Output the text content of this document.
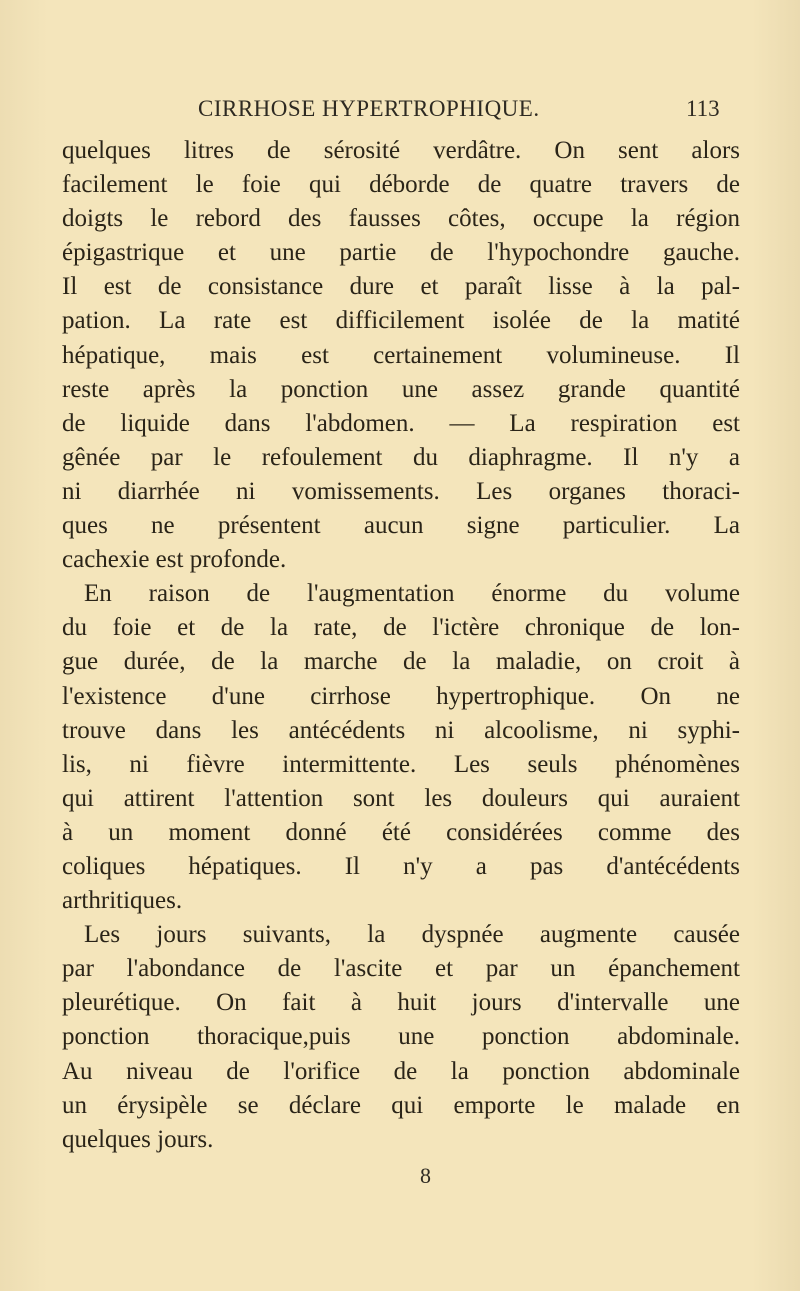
CIRRHOSE HYPERTROPHIQUE.	113
quelques litres de sérosité verdâtre. On sent alors
facilement le foie qui déborde de quatre travers de
doigts le rebord des fausses côtes, occupe la région
épigastrique et une partie de l'hypochondre gauche.
Il est de consistance dure et paraît lisse à la pal-
pation. La rate est difficilement isolée de la matité
hépatique, mais est certainement volumineuse. Il
reste après la ponction une assez grande quantité
de liquide dans l'abdomen. — La respiration est
gênée par le refoulement du diaphragme. Il n'y a
ni diarrhée ni vomissements. Les organes thoraci-
ques ne présentent aucun signe particulier. La
cachexie est profonde.
En raison de l'augmentation énorme du volume
du foie et de la rate, de l'ictère chronique de lon-
gue durée, de la marche de la maladie, on croit à
l'existence d'une cirrhose hypertrophique. On ne
trouve dans les antécédents ni alcoolisme, ni syphi-
lis, ni fièvre intermittente. Les seuls phénomènes
qui attirent l'attention sont les douleurs qui auraient
à un moment donné été considérées comme des
coliques hépatiques. Il n'y a pas d'antécédents
arthritiques.
Les jours suivants, la dyspnée augmente causée
par l'abondance de l'ascite et par un épanchement
pleurétique. On fait à huit jours d'intervalle une
ponction thoracique,puis une ponction abdominale.
Au niveau de l'orifice de la ponction abdominale
un érysipèle se déclare qui emporte le malade en
quelques jours.
8
